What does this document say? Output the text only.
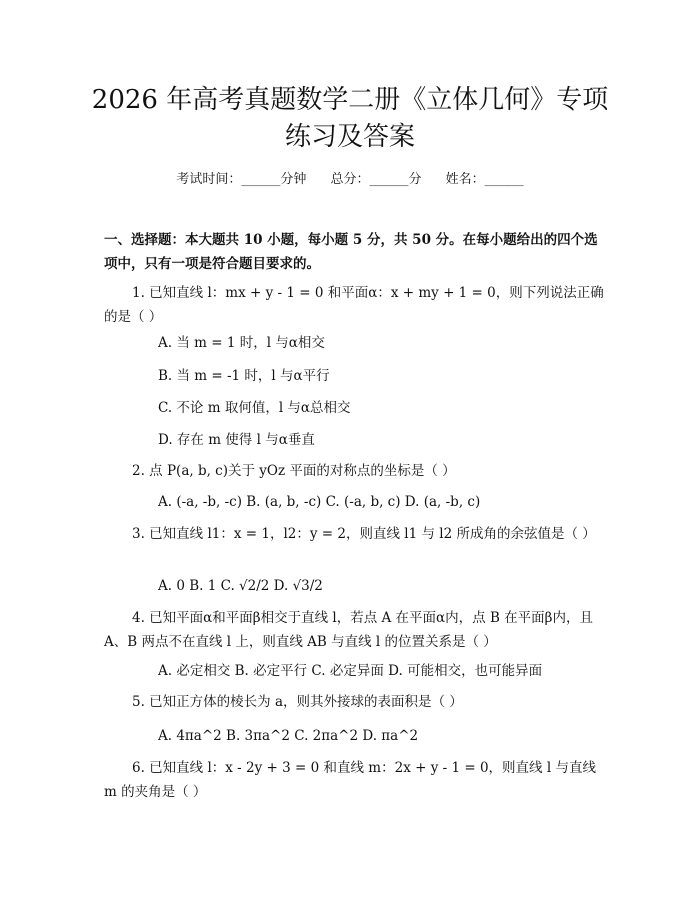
2026 年高考真题数学二册《立体几何》专项
练习及答案
考试时间：______分钟 总分：______分 姓名：______
一、选择题：本大题共 10 小题，每小题 5 分，共 50 分。在每小题给出的四个选项中，只有一项是符合题目要求的。
1. 已知直线 l：mx + y - 1 = 0 和平面α：x + my + 1 = 0，则下列说法正确的是（ ）
A. 当 m = 1 时，l 与α相交
B. 当 m = -1 时，l 与α平行
C. 不论 m 取何值，l 与α总相交
D. 存在 m 使得 l 与α垂直
2. 点 P(a, b, c)关于 yOz 平面的对称点的坐标是（ ）
A. (-a, -b, -c) B. (a, b, -c) C. (-a, b, c) D. (a, -b, c)
3. 已知直线 l1：x = 1，l2：y = 2，则直线 l1 与 l2 所成角的余弦值是（ ）
A. 0 B. 1 C. √2/2 D. √3/2
4. 已知平面α和平面β相交于直线 l，若点 A 在平面α内，点 B 在平面β内，且 A、B 两点不在直线 l 上，则直线 AB 与直线 l 的位置关系是（ ）
A. 必定相交 B. 必定平行 C. 必定异面 D. 可能相交，也可能异面
5. 已知正方体的棱长为 a，则其外接球的表面积是（ ）
A. 4πa^2 B. 3πa^2 C. 2πa^2 D. πa^2
6. 已知直线 l：x - 2y + 3 = 0 和直线 m：2x + y - 1 = 0，则直线 l 与直线 m 的夹角是（ ）
